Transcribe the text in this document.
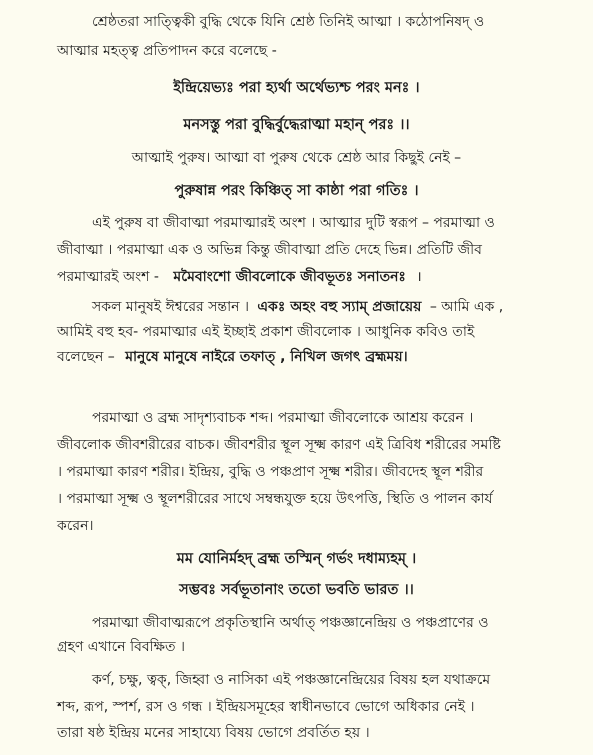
শ্রেষ্ঠতরা সাত্ত্বিকী বুদ্ধি থেকে যিনি শ্রেষ্ঠ তিনিই আত্মা । কঠোপনিষদ্ ও
আত্মার মহত্ত্ব প্রতিপাদন করে বলেছে -
ইন্দ্রিয়েভ্যঃ পরা হ্যর্থা অর্থেভ্যশ্চ পরং মনঃ ।
মনসস্তু পরা বুদ্ধির্বুদ্ধেরাত্মা মহান্ পরঃ ।।
আত্মাই পুরুষ। আত্মা বা পুরুষ থেকে শ্রেষ্ঠ আর কিছুই নেই –
পুরুষান্ন পরং কিঞ্চিত্ সা কাষ্ঠা পরা গতিঃ ।
এই পুরুষ বা জীবাত্মা পরমাত্মারই অংশ । আত্মার দুটি স্বরূপ – পরমাত্মা ও
জীবাত্মা । পরমাত্মা এক ও অভিন্ন কিন্তু জীবাত্মা প্রতি দেহে ভিন্ন। প্রতিটি জীব
পরমাত্মারই অংশ - মমৈবাংশো জীবলোকে জীবভূতঃ সনাতনঃ ।
সকল মানুষই ঈশ্বরের সন্তান । একঃ অহং বহু স্যাম্ প্রজায়েয় – আমি এক ,
আমিই বহু হব- পরমাত্মার এই ইচ্ছাই প্রকাশ জীবলোক । আধুনিক কবিও তাই
বলেছেন – মানুষে মানুষে নাইরে তফাত্ , নিখিল জগৎ ব্রহ্মময়।
পরমাত্মা ও ব্রহ্ম সাদৃশ্যবাচক শব্দ। পরমাত্মা জীবলোকে আশ্রয় করেন ।
জীবলোক জীবশরীরের বাচক। জীবশরীর স্থূল সূক্ষ্ম কারণ এই ত্রিবিধ শরীরের সমষ্টি
। পরমাত্মা কারণ শরীর। ইন্দ্রিয়, বুদ্ধি ও পঞ্চপ্রাণ সূক্ষ্ম শরীর। জীবদেহ স্থূল শরীর
। পরমাত্মা সূক্ষ্ম ও স্থূলশরীরের সাথে সম্বন্ধযুক্ত হয়ে উৎপত্তি, স্থিতি ও পালন কার্য
করেন।
মম যোনির্মহদ্ ব্রহ্ম তস্মিন্ গর্ভং দধাম্যহম্ ।
সম্ভবঃ সর্বভূতানাং ততো ভবতি ভারত ।।
পরমাত্মা জীবাত্মরূপে প্রকৃতিস্থানি অর্থাত্ পঞ্চজ্ঞানেন্দ্রিয় ও পঞ্চপ্রাণের ও
গ্রহণ এখানে বিবক্ষিত ।
কর্ণ, চক্ষু, ত্বক্, জিহ্বা ও নাসিকা এই পঞ্চজ্ঞানেন্দ্রিয়ের বিষয় হল যথাক্রমে
শব্দ, রূপ, স্পর্শ, রস ও গন্ধ । ইন্দ্রিয়সমূহের স্বাধীনভাবে ভোগে অধিকার নেই ।
তারা ষষ্ঠ ইন্দ্রিয় মনের সাহায্যে বিষয় ভোগে প্রবর্তিত হয় ।
